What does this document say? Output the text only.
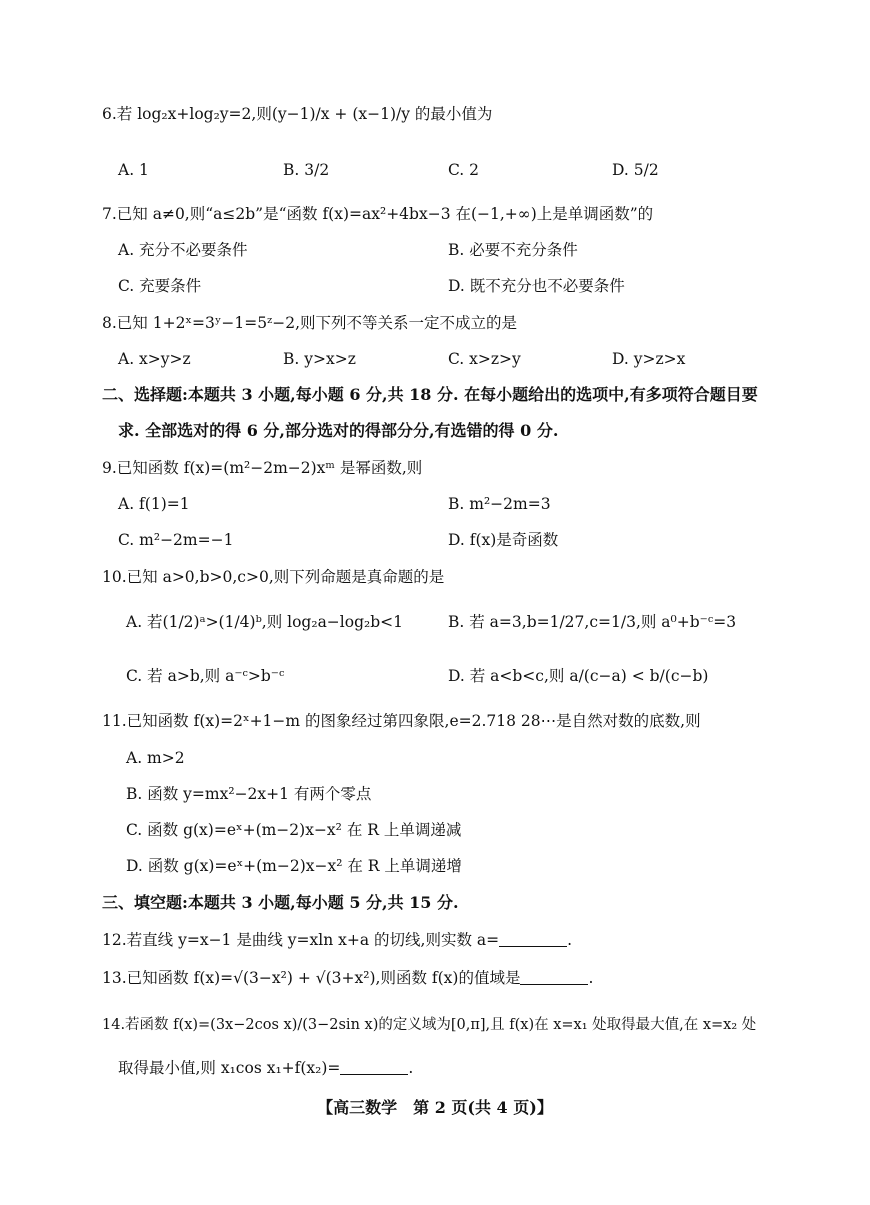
6.若 log₂x+log₂y=2,则(y−1)/x + (x−1)/y 的最小值为
A. 1	B. 3/2	C. 2	D. 5/2
7.已知 a≠0,则“a≤2b”是“函数 f(x)=ax²+4bx−3 在(−1,+∞)上是单调函数”的
A. 充分不必要条件	B. 必要不充分条件
C. 充要条件	D. 既不充分也不必要条件
8.已知 1+2ˣ=3ʸ−1=5ᶻ−2,则下列不等关系一定不成立的是
A. x>y>z	B. y>x>z	C. x>z>y	D. y>z>x
二、选择题:本题共 3 小题,每小题 6 分,共 18 分. 在每小题给出的选项中,有多项符合题目要
求. 全部选对的得 6 分,部分选对的得部分分,有选错的得 0 分.
9.已知函数 f(x)=(m²−2m−2)xᵐ 是幂函数,则
A. f(1)=1	B. m²−2m=3
C. m²−2m=−1	D. f(x)是奇函数
10.已知 a>0,b>0,c>0,则下列命题是真命题的是
A. 若(1/2)ᵃ>(1/4)ᵇ,则 log₂a−log₂b<1	B. 若 a=3,b=1/27,c=1/3,则 a⁰+b⁻ᶜ=3
C. 若 a>b,则 a⁻ᶜ>b⁻ᶜ	D. 若 a<b<c,则 a/(c−a) < b/(c−b)
11.已知函数 f(x)=2ˣ+1−m 的图象经过第四象限,e=2.718 28⋯是自然对数的底数,则
A. m>2
B. 函数 y=mx²−2x+1 有两个零点
C. 函数 g(x)=eˣ+(m−2)x−x² 在 R 上单调递减
D. 函数 g(x)=eˣ+(m−2)x−x² 在 R 上单调递增
三、填空题:本题共 3 小题,每小题 5 分,共 15 分.
12.若直线 y=x−1 是曲线 y=xln x+a 的切线,则实数 a=	.
13.已知函数 f(x)=√(3−x²) + √(3+x²),则函数 f(x)的值域是	.
14.若函数 f(x)=(3x−2cos x)/(3−2sin x)的定义域为[0,π],且 f(x)在 x=x₁ 处取得最大值,在 x=x₂ 处
取得最小值,则 x₁cos x₁+f(x₂)=	.
【高三数学　第 2 页(共 4 页)】
